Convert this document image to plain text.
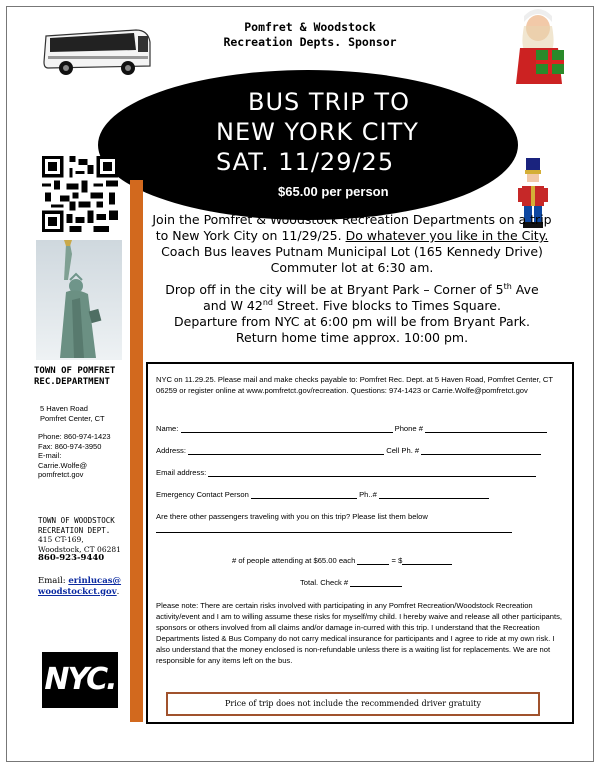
Pomfret & Woodstock
Recreation Depts. Sponsor
BUS TRIP TO
NEW YORK CITY
SAT. 11/29/25
$65.00 per person
Join the Pomfret & Woodstock Recreation Departments on a trip to New York City on 11/29/25. Do whatever you like in the City. Coach Bus leaves Putnam Municipal Lot (165 Kennedy Drive) Commuter lot at 6:30 am.
Drop off in the city will be at Bryant Park – Corner of 5th Ave and W 42nd Street. Five blocks to Times Square.
Departure from NYC at 6:00 pm will be from Bryant Park.
Return home time approx. 10:00 pm.
TOWN OF POMFRET
REC.DEPARTMENT
5 Haven Road
Pomfret Center, CT
Phone: 860-974-1423
Fax: 860-974-3950
E-mail:
Carrie.Wolfe@
pomfretct.gov
TOWN OF WOODSTOCK
RECREATION DEPT.
415 CT-169,
Woodstock, CT 06281
860-923-9440
Email: erinlucas@
woodstockct.gov.
NYC.
NYC on 11.29.25. Please mail and make checks payable to: Pomfret Rec. Dept. at 5 Haven Road, Pomfret Center, CT 06259 or register online at www.pomfretct.gov/recreation. Questions: 974-1423 or Carrie.Wolfe@pomfretct.gov
Name:	Phone #
Address:	Cell Ph. #
Email address:
Emergency Contact Person	Ph..#
Are there other passengers traveling with you on this trip? Please list them below
# of people attending at $65.00 each	= $
Total. Check #
Please note: There are certain risks involved with participating in any Pomfret Recreation/Woodstock Recreation activity/event and I am to willing assume these risks for myself/my child. I hereby waive and release all other participants, sponsors or others involved from all claims and/or damage in-curred with this trip. I understand that the Recreation Departments listed & Bus Company do not carry medical insurance for participants and I agree to ride at my own risk. I also understand that the money enclosed is non-refundable unless there is a waiting list for replacements. We are not responsible for any items left on the bus.
Price of trip does not include the recommended driver gratuity
